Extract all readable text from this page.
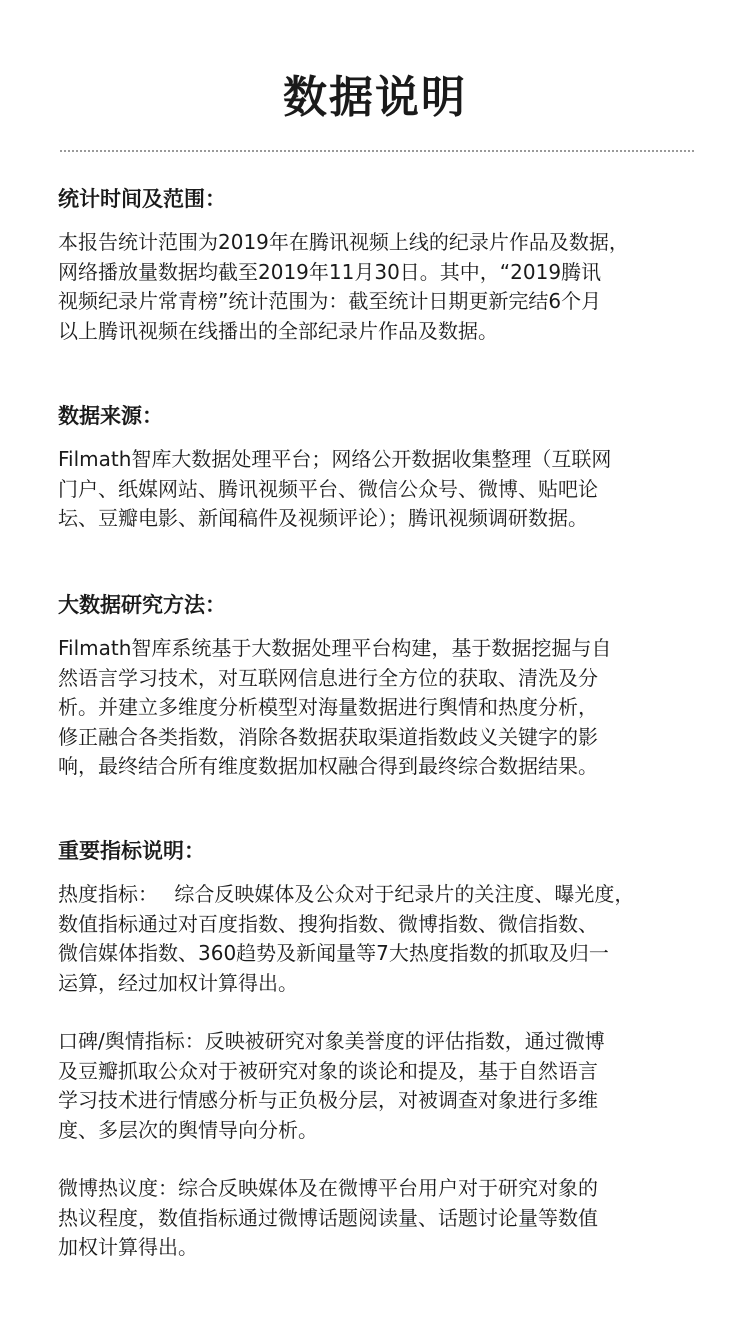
数据说明
统计时间及范围：
本报告统计范围为2019年在腾讯视频上线的纪录片作品及数据，
网络播放量数据均截至2019年11月30日。其中，“2019腾讯
视频纪录片常青榜”统计范围为：截至统计日期更新完结6个月
以上腾讯视频在线播出的全部纪录片作品及数据。
数据来源：
Filmath智库大数据处理平台；网络公开数据收集整理（互联网
门户、纸媒网站、腾讯视频平台、微信公众号、微博、贴吧论
坛、豆瓣电影、新闻稿件及视频评论）；腾讯视频调研数据。
大数据研究方法：
Filmath智库系统基于大数据处理平台构建，基于数据挖掘与自
然语言学习技术，对互联网信息进行全方位的获取、清洗及分
析。并建立多维度分析模型对海量数据进行舆情和热度分析，
修正融合各类指数，消除各数据获取渠道指数歧义关键字的影
响，最终结合所有维度数据加权融合得到最终综合数据结果。
重要指标说明：
热度指标：　 综合反映媒体及公众对于纪录片的关注度、曝光度，
数值指标通过对百度指数、搜狗指数、微博指数、微信指数、
微信媒体指数、360趋势及新闻量等7大热度指数的抓取及归一
运算，经过加权计算得出。
口碑/舆情指标：反映被研究对象美誉度的评估指数，通过微博
及豆瓣抓取公众对于被研究对象的谈论和提及，基于自然语言
学习技术进行情感分析与正负极分层，对被调查对象进行多维
度、多层次的舆情导向分析。
微博热议度：综合反映媒体及在微博平台用户对于研究对象的
热议程度，数值指标通过微博话题阅读量、话题讨论量等数值
加权计算得出。
